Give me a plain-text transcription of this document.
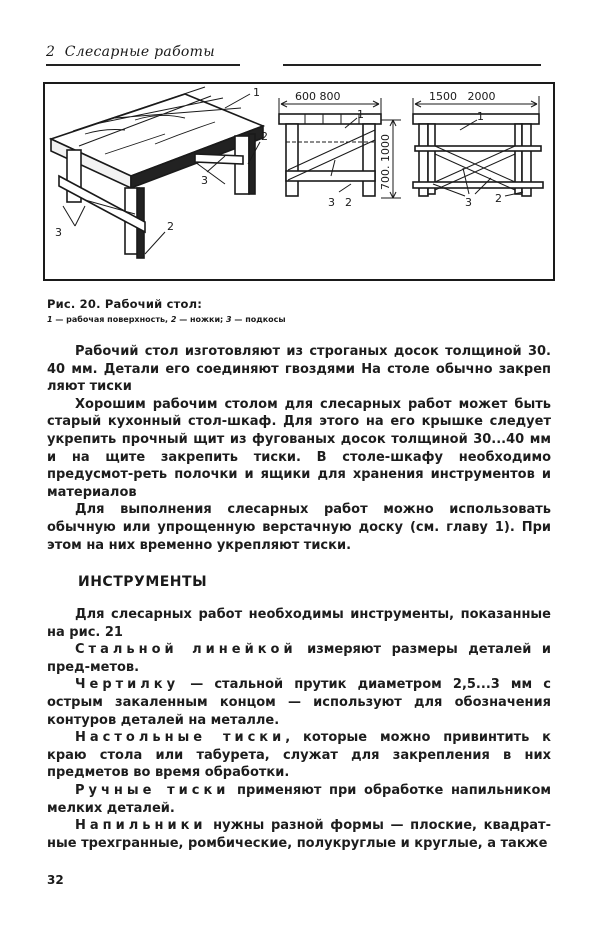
2 Слесарные работы
1
2
3
3	2
600 800	1500   2000
700. 1000
1
3 2
1
3 2
Рис. 20. Рабочий стол:
1 — рабочая поверхность, 2 — ножки; 3 — подкосы

Рабочий стол изготовляют из строганых досок толщиной 30. 40 мм. Детали его соединяют гвоздями На столе обычно закреп ляют тиски

Хорошим рабочим столом для слесарных работ может быть старый кухонный стол-шкаф. Для этого на его крышке следует укрепить прочный щит из фугованых досок толщиной 30...40 мм и на щите закрепить тиски. В столе-шкафу необходимо предусмот-реть полочки и ящики для хранения инструментов и материалов

Для выполнения слесарных работ можно использовать обычную или упрощенную верстачную доску (см. главу 1). При этом на них временно укрепляют тиски.

ИНСТРУМЕНТЫ

Для слесарных работ необходимы инструменты, показанные на рис. 21

Стальной линейкой измеряют размеры деталей и пред-метов.

Чертилку — стальной прутик диаметром 2,5...3 мм с острым закаленным концом — используют для обозначения контуров деталей на металле.

Настольные тиски, которые можно привинтить к краю стола или табурета, служат для закрепления в них предметов во время обработки.

Ручные тиски применяют при обработке напильником мелких деталей.

Напильники нужны разной формы — плоские, квадрат-ные трехгранные, ромбические, полукруглые и круглые, а также

32
